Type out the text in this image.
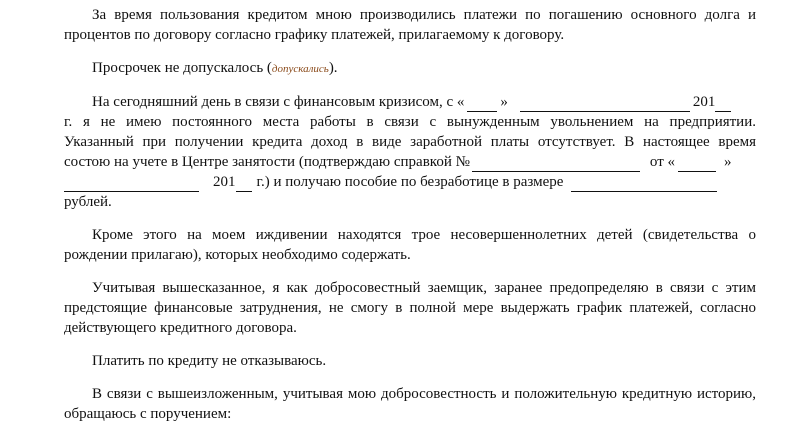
За время пользования кредитом мною производились платежи по погашению основного долга и процентов по договору согласно графику платежей, прилагаемому к договору.

Просрочек не допускалось (допускались).

На сегодняшний день в связи с финансовым кризисом, с « »	201
г. я не имею постоянного места работы в связи с вынужденным увольнением на предприятии.
Указанный при получении кредита доход в виде заработной платы отсутствует. В настоящее время
состою на учете в Центре занятости (подтверждаю справкой №	от «	»
201 г.) и получаю пособие по безработице в размере
рублей.

Кроме этого на моем иждивении находятся трое несовершеннолетних детей (свидетельства о рождении прилагаю), которых необходимо содержать.

Учитывая вышесказанное, я как добросовестный заемщик, заранее предопределяю в связи с этим предстоящие финансовые затруднения, не смогу в полной мере выдержать график платежей, согласно действующего кредитного договора.

Платить по кредиту не отказываюсь.

В связи с вышеизложенным, учитывая мою добросовестность и положительную кредитную историю, обращаюсь с поручением:
